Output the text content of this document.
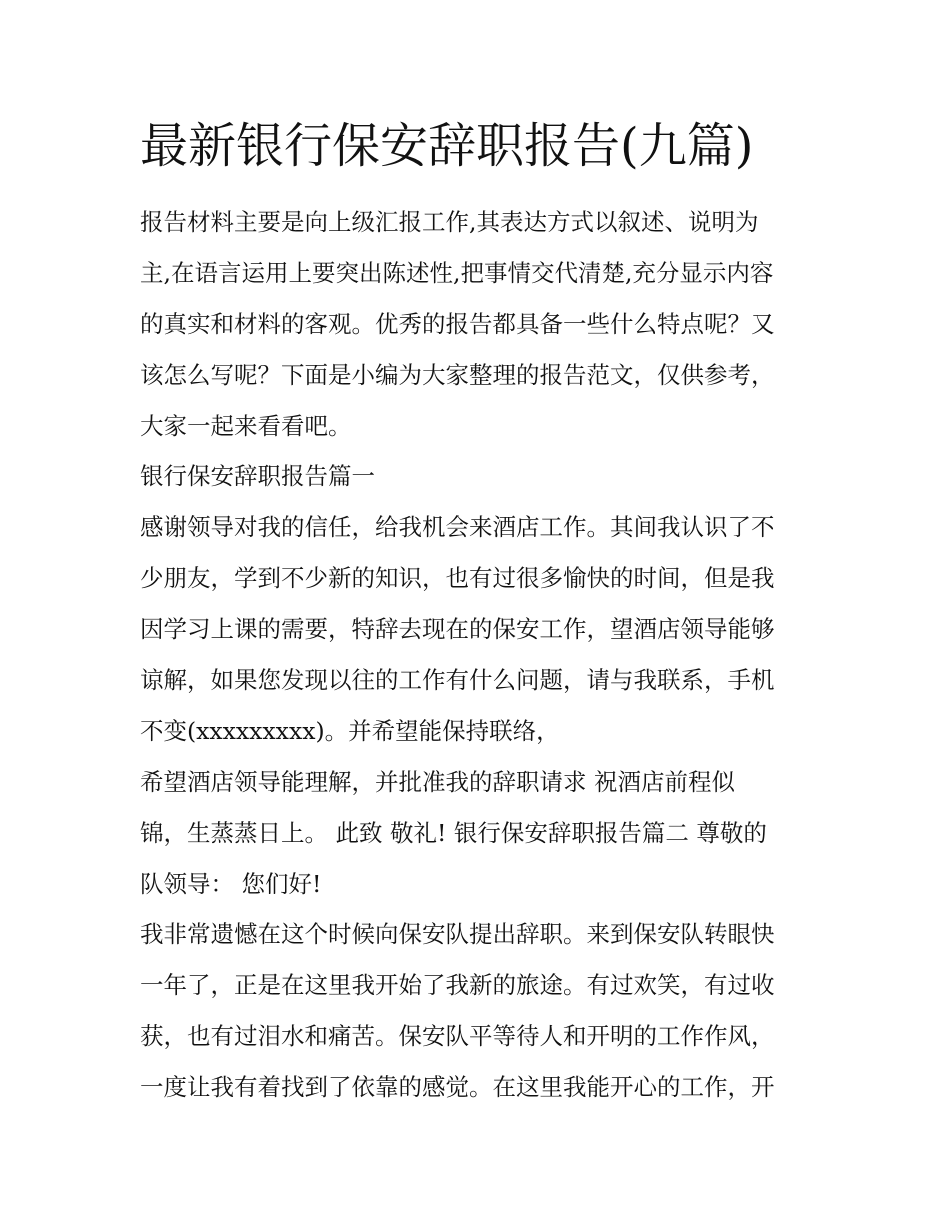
最新银行保安辞职报告(九篇)
报告材料主要是向上级汇报工作,其表达方式以叙述、说明为
主,在语言运用上要突出陈述性,把事情交代清楚,充分显示内容
的真实和材料的客观。优秀的报告都具备一些什么特点呢？又
该怎么写呢？下面是小编为大家整理的报告范文，仅供参考，
大家一起来看看吧。
银行保安辞职报告篇一
感谢领导对我的信任，给我机会来酒店工作。其间我认识了不
少朋友，学到不少新的知识，也有过很多愉快的时间，但是我
因学习上课的需要，特辞去现在的保安工作，望酒店领导能够
谅解，如果您发现以往的工作有什么问题，请与我联系，手机
不变(xxxxxxxxx)。并希望能保持联络，
希望酒店领导能理解，并批准我的辞职请求 祝酒店前程似
锦，生蒸蒸日上。 此致 敬礼! 银行保安辞职报告篇二 尊敬的
队领导： 您们好!
我非常遗憾在这个时候向保安队提出辞职。来到保安队转眼快
一年了，正是在这里我开始了我新的旅途。有过欢笑，有过收
获，也有过泪水和痛苦。保安队平等待人和开明的工作作风，
一度让我有着找到了依靠的感觉。在这里我能开心的工作，开
